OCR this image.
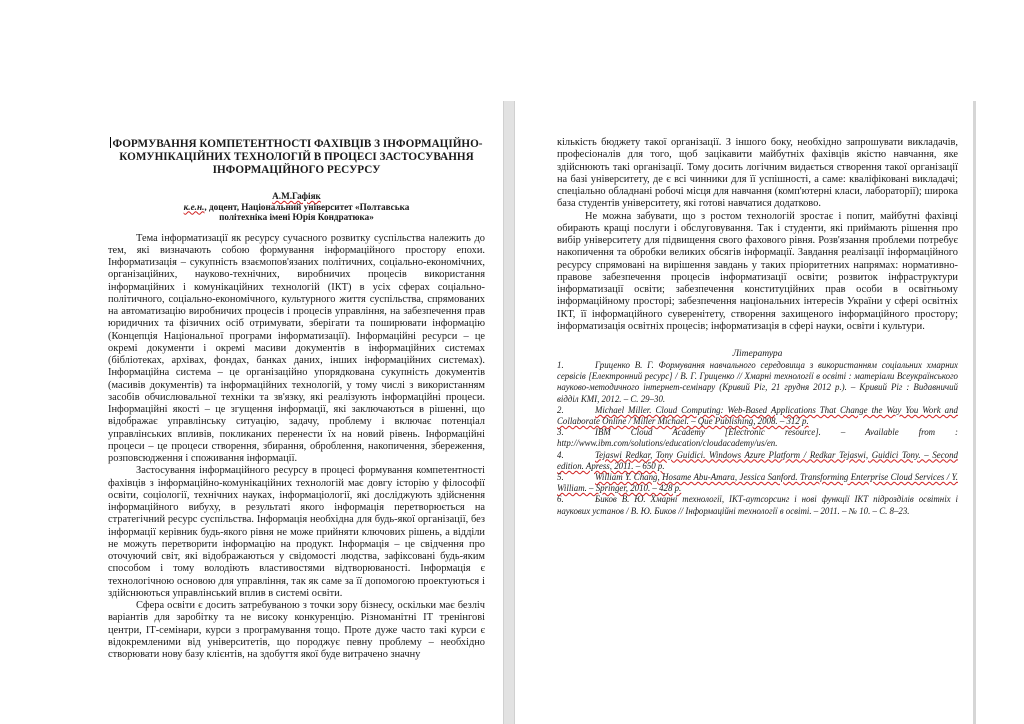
ФОРМУВАННЯ КОМПЕТЕНТНОСТІ ФАХІВЦІВ З ІНФОРМАЦІЙНО-КОМУНІКАЦІЙНИХ ТЕХНОЛОГІЙ В ПРОЦЕСІ ЗАСТОСУВАННЯ ІНФОРМАЦІЙНОГО РЕСУРСУ

А.М.Гафіяк
к.е.н., доцент, Національний університет «Полтавська
політехніка імені Юрія Кондратюка»

Тема інформатизації як ресурсу сучасного розвитку суспільства належить до тем, які визначають собою формування інформаційного простору епохи. Інформатизація – сукупність взаємопов'язаних політичних, соціально-економічних, організаційних, науково-технічних, виробничих процесів використання інформаційних і комунікаційних технологій (ІКТ) в усіх сферах соціально-політичного, соціально-економічного, культурного життя суспільства, спрямованих на автоматизацію виробничих процесів і процесів управління, на забезпечення прав юридичних та фізичних осіб отримувати, зберігати та поширювати інформацію (Концепція Національної програми інформатизації). Інформаційні ресурси – це окремі документи і окремі масиви документів в інформаційних системах (бібліотеках, архівах, фондах, банках даних, інших інформаційних системах). Інформаційна система – це організаційно упорядкована сукупність документів (масивів документів) та інформаційних технологій, у тому числі з використанням засобів обчислювальної техніки та зв'язку, які реалізують інформаційні процеси. Інформаційні якості – це згущення інформації, які заключаються в рішенні, що відображає управлінську ситуацію, задачу, проблему і включає потенціал управлінських впливів, покликаних перенести їх на новий рівень. Інформаційні процеси – це процеси створення, збирання, оброблення, накопичення, збереження, розповсюдження і споживання інформації.

Застосування інформаційного ресурсу в процесі формування компетентності фахівців з інформаційно-комунікаційних технологій має довгу історію у філософії освіти, соціології, технічних науках, інформаціології, які досліджують здійснення інформаційного вибуху, в результаті якого інформація перетворюється на стратегічний ресурс суспільства. Інформація необхідна для будь-якої організації, без інформації керівник будь-якого рівня не може прийняти ключових рішень, а відділи не можуть перетворити інформацію на продукт. Інформація – це свідчення про оточуючий світ, які відображаються у свідомості людства, зафіксовані будь-яким способом і тому володіють властивостями відтворюваності. Інформація є технологічною основою для управління, так як саме за її допомогою проектуються і здійснюються управлінський вплив в системі освіти.

Сфера освіти є досить затребуваною з точки зору бізнесу, оскільки має безліч варіантів для заробітку та не високу конкуренцію. Різноманітні ІТ тренінгові центри, ІТ-семінари, курси з програмування тощо. Проте дуже часто такі курси є відокремленими від університетів, що породжує певну проблему – необхідно створювати нову базу клієнтів, на здобуття якої буде витрачено значну

кількість бюджету такої організації. З іншого боку, необхідно запрошувати викладачів, професіоналів для того, щоб зацікавити майбутніх фахівців якістю навчання, яке здійснюють такі організації. Тому досить логічним видається створення такої організації на базі університету, де є всі чинники для її успішності, а саме: кваліфіковані викладачі; спеціально обладнані робочі місця для навчання (комп'ютерні класи, лабораторії); широка база студентів університету, які готові навчатися додатково.

Не можна забувати, що з ростом технологій зростає і попит, майбутні фахівці обирають кращі послуги і обслуговування. Так і студенти, які приймають рішення про вибір університету для підвищення свого фахового рівня. Розв'язання проблеми потребує накопичення та обробки великих обсягів інформації. Завдання реалізації інформаційного ресурсу спрямовані на вирішення завдань у таких пріоритетних напрямах: нормативно-правове забезпечення процесів інформатизації освіти; розвиток інфраструктури інформатизації освіти; забезпечення конституційних прав особи в освітньому інформаційному просторі; забезпечення національних інтересів України у сфері освітніх ІКТ, її інформаційного суверенітету, створення захищеного інформаційного простору; інформатизація освітніх процесів; інформатизація в сфері науки, освіти і культури.

Література

1.	Гриценко В. Г. Формування навчального середовища з використанням соціальних хмарних сервісів [Електронний ресурс] / В. Г. Гриценко // Хмарні технології в освіті : матеріали Всеукраїнського науково-методичного інтернет-семінару (Кривий Ріг, 21 грудня 2012 р.). – Кривий Ріг : Видавничий відділ КМІ, 2012. – С. 29–30.

2.	Michael Miller. Cloud Computing: Web-Based Applications That Change the Way You Work and Collaborate Online / Miller Michael. – Que Publishing, 2008. – 312 p.

3.	IBM Cloud Academy [Electronic resource]. – Available from : http://www.ibm.com/solutions/education/cloudacademy/us/en.

4.	Tejaswi Redkar, Tony Guidici. Windows Azure Platform / Redkar Tejaswi, Guidici Tony. – Second edition. Apress, 2011. – 650 p.

5.	William Y. Chang, Hosame Abu-Amara, Jessica Sanford. Transforming Enterprise Cloud Services / Y. William. – Springer, 2010. – 428 p.

6.	Биков В. Ю. Хмарні технології, ІКТ-аутсорсинг і нові функції ІКТ підрозділів освітніх і наукових установ / В. Ю. Биков // Інформаційні технології в освіті. – 2011. – № 10. – С. 8–23.
